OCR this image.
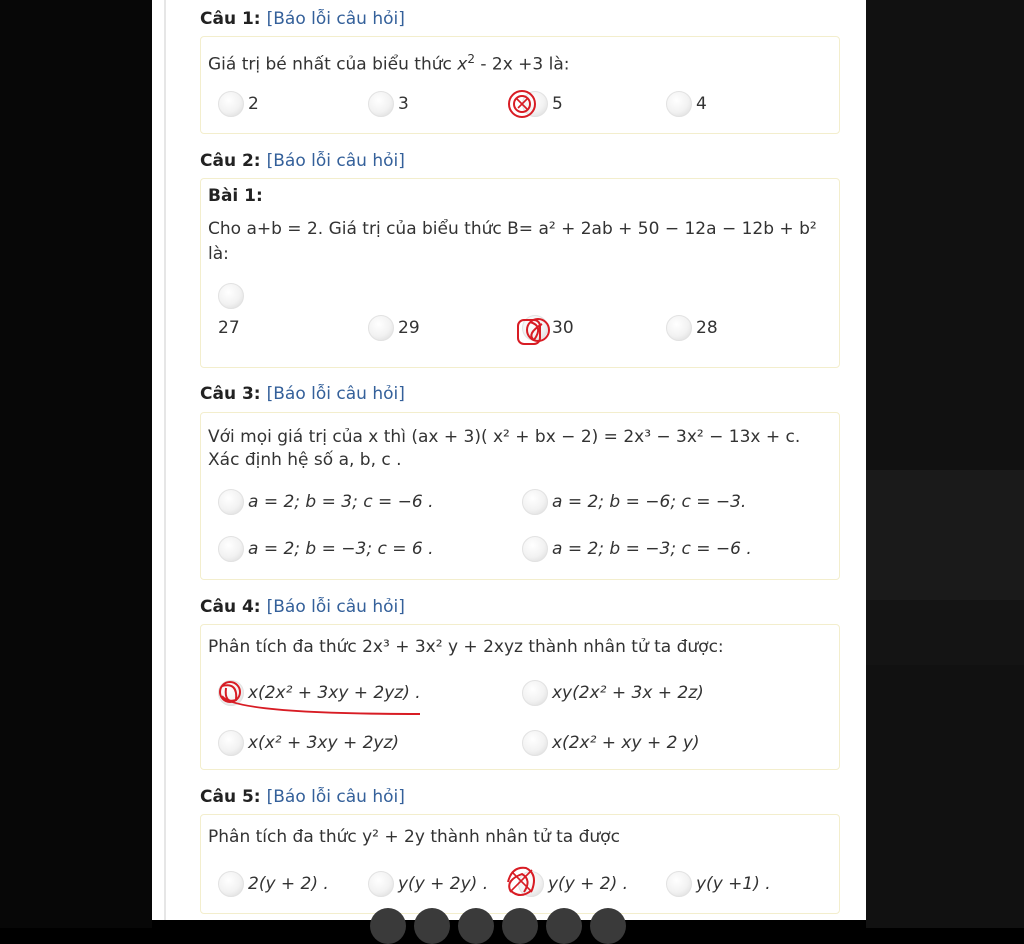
Câu 1: [Báo lỗi câu hỏi]
Giá trị bé nhất của biểu thức $x^2 - 2x +3$ là:
2	3	5	4
Câu 2: [Báo lỗi câu hỏi]
Bài 1:
Cho a+b = 2. Giá trị của biểu thức B= a² + 2ab + 50 − 12a − 12b + b²
là:
27	29	30	28
Câu 3: [Báo lỗi câu hỏi]
Với mọi giá trị của x thì (ax + 3)( x² + bx − 2) = 2x³ − 3x² − 13x + c.
Xác định hệ số a, b, c .
a = 2; b = 3; c = −6 .	a = 2; b = −6; c = −3.
a = 2; b = −3; c = 6 .	a = 2; b = −3; c = −6 .
Câu 4: [Báo lỗi câu hỏi]
Phân tích đa thức 2x³ + 3x² y + 2xyz thành nhân tử ta được:
x(2x² + 3xy + 2yz) .	xy(2x² + 3x + 2z)
x(x² + 3xy + 2yz)	x(2x² + xy + 2 y)
Câu 5: [Báo lỗi câu hỏi]
Phân tích đa thức y² + 2y thành nhân tử ta được
2(y + 2) .	y(y + 2y) .	y(y + 2) .	y(y +1) .
